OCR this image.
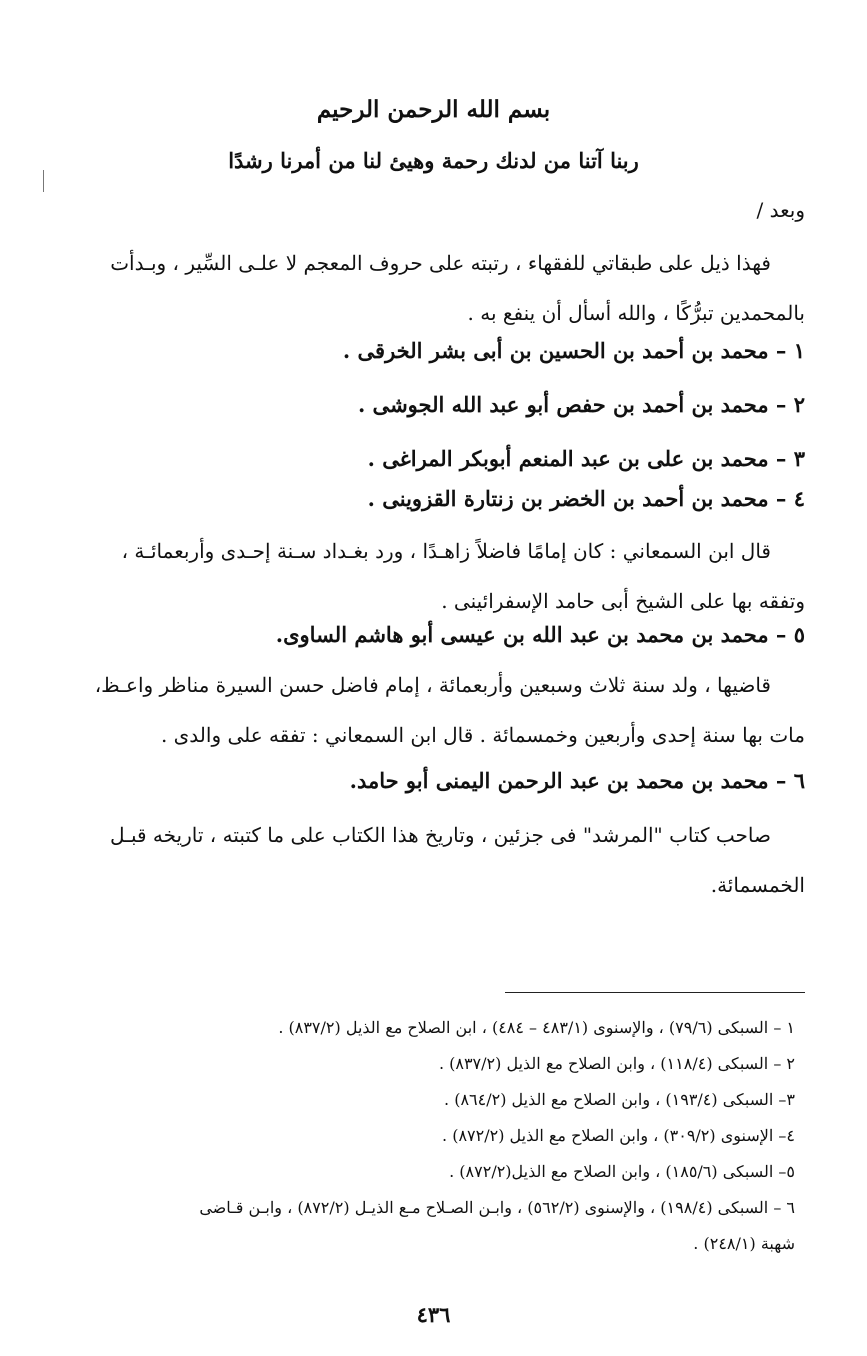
بسم الله الرحمن الرحيم
ربنا آتنا من لدنك رحمة وهيئ لنا من أمرنا رشدًا
وبعد /

فهذا ذيل على طبقاتي للفقهاء ، رتبته على حروف المعجم لا علـى السِّير ، وبـدأت

بالمحمدين تبرُّكًا ، والله أسأل أن ينفع به .

١ – محمد بن أحمد بن الحسين بن أبى بشر الخرقى .
٢ – محمد بن أحمد بن حفص أبو عبد الله الجوشى .
٣ – محمد بن على بن عبد المنعم أبوبكر المراغى .
٤ – محمد بن أحمد بن الخضر بن زنتارة القزوينى .

قال ابن السمعاني : كان إمامًا فاضلاً زاهـدًا ، ورد بغـداد سـنة إحـدى وأربعمائـة ،

وتفقه بها على الشيخ أبى حامد الإسفرائينى .

٥ – محمد بن محمد بن عبد الله بن عيسى أبو هاشم الساوى.

قاضيها ، ولد سنة ثلاث وسبعين وأربعمائة ، إمام فاضل حسن السيرة مناظر واعـظ،

مات بها سنة إحدى وأربعين وخمسمائة . قال ابن السمعاني : تفقه على والدى .

٦ – محمد بن محمد بن عبد الرحمن اليمنى أبو حامد.

صاحب كتاب "المرشد" فى جزئين ، وتاريخ هذا الكتاب على ما كتبته ، تاريخه قبـل

الخمسمائة.

١ – السبكى (٧٩/٦) ، والإسنوى (٤٨٣/١ – ٤٨٤) ، ابن الصلاح مع الذيل (٨٣٧/٢) .

٢ – السبكى (١١٨/٤) ، وابن الصلاح مع الذيل (٨٣٧/٢) .

٣– السبكى (١٩٣/٤) ، وابن الصلاح مع الذيل (٨٦٤/٢) .

٤– الإسنوى (٣٠٩/٢) ، وابن الصلاح مع الذيل (٨٧٢/٢) .

٥– السبكى (١٨٥/٦) ، وابن الصلاح مع الذيل(٨٧٢/٢) .

٦ – السبكى (١٩٨/٤) ، والإسنوى (٥٦٢/٢) ، وابـن الصـلاح مـع الذيـل (٨٧٢/٢) ، وابـن قـاضى

شهبة (٢٤٨/١) .

٤٣٦
